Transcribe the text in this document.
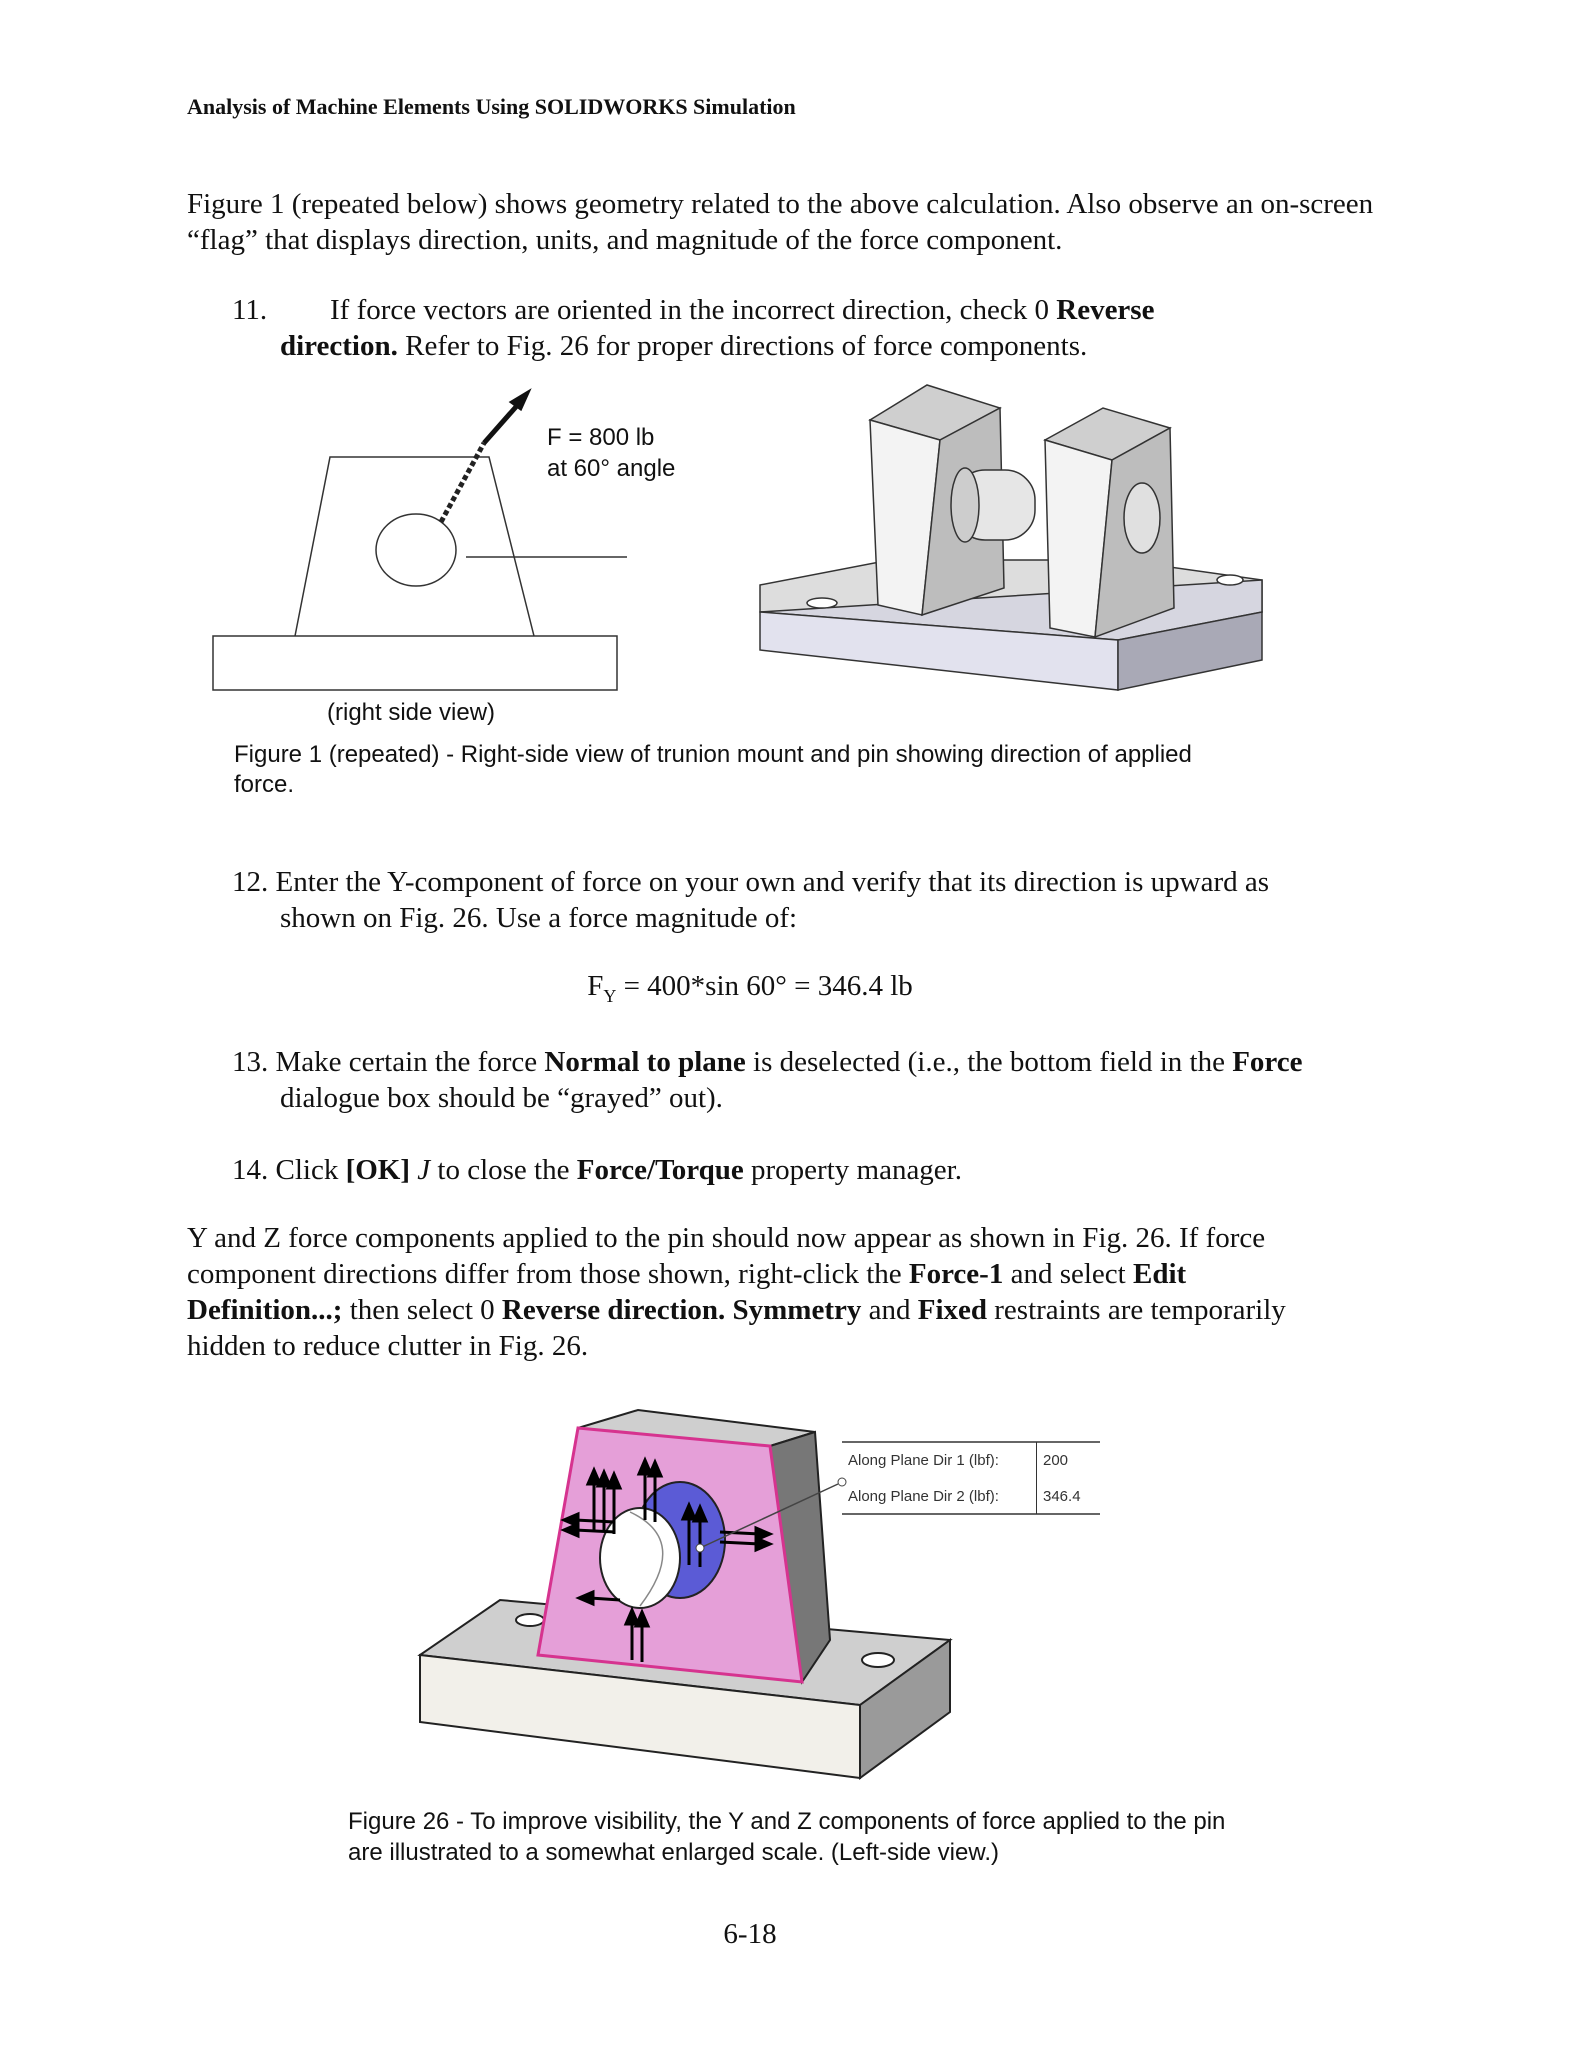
Analysis of Machine Elements Using SOLIDWORKS Simulation
Figure 1 (repeated below) shows geometry related to the above calculation. Also observe an on-screen “flag” that displays direction, units, and magnitude of the force component.
11. If force vectors are oriented in the incorrect direction, check 0 Reverse
direction. Refer to Fig. 26 for proper directions of force components.
F = 800 lb
at 60° angle
(right side view)
Figure 1 (repeated) - Right-side view of trunion mount and pin showing direction of applied force.
12. Enter the Y-component of force on your own and verify that its direction is upward as shown on Fig. 26. Use a force magnitude of:
$F_Y = 400*\sin$ 60° = 346.4 lb
13. Make certain the force Normal to plane is deselected (i.e., the bottom field in the Force dialogue box should be “grayed” out).
14. Click [OK] J to close the Force/Torque property manager.
Y and Z force components applied to the pin should now appear as shown in Fig. 26. If force component directions differ from those shown, right-click the Force-1 and select Edit Definition...; then select 0 Reverse direction. Symmetry and Fixed restraints are temporarily hidden to reduce clutter in Fig. 26.
Along Plane Dir 1 (lbf):	200
Along Plane Dir 2 (lbf):	346.4
Figure 26 - To improve visibility, the Y and Z components of force applied to the pin are illustrated to a somewhat enlarged scale. (Left-side view.)
6-18
